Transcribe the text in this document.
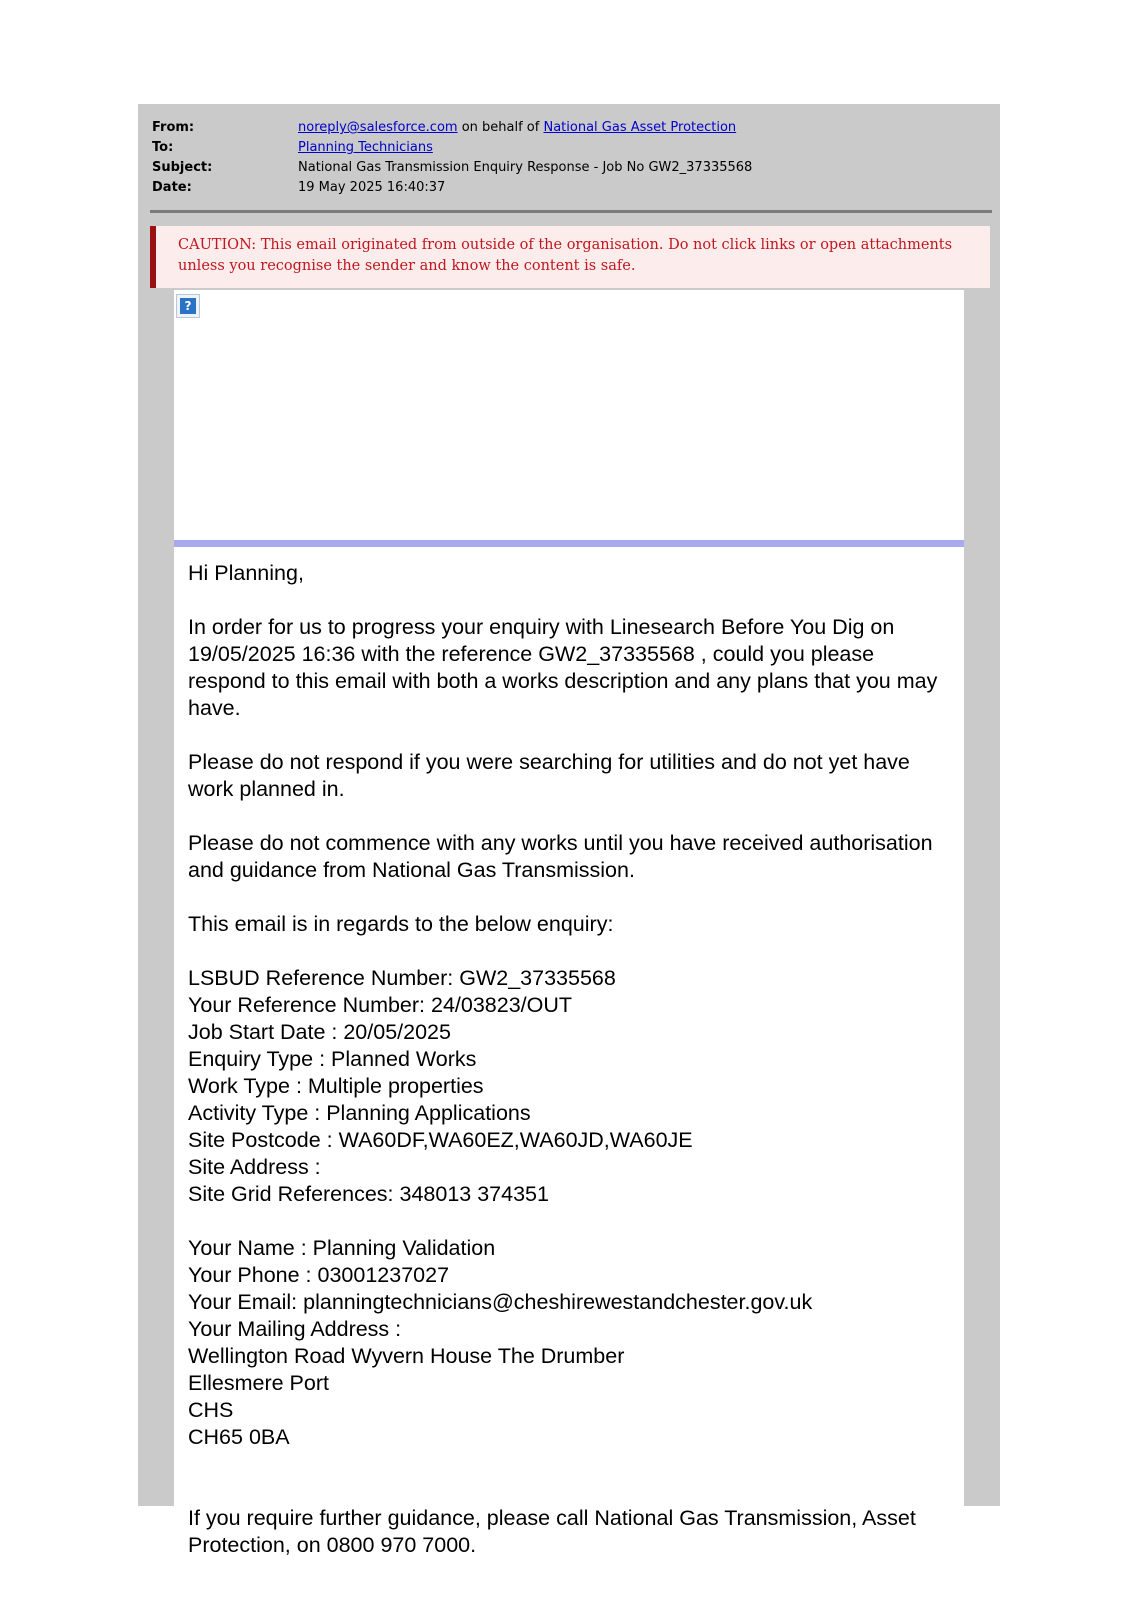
From:	noreply@salesforce.com on behalf of National Gas Asset Protection
To:	Planning Technicians
Subject:	National Gas Transmission Enquiry Response - Job No GW2_37335568
Date:	19 May 2025 16:40:37
CAUTION: This email originated from outside of the organisation. Do not click links or open attachments unless you recognise the sender and know the content is safe.
?

Hi Planning,

In order for us to progress your enquiry with Linesearch Before You Dig on 19/05/2025 16:36 with the reference GW2_37335568 , could you please respond to this email with both a works description and any plans that you may have.

Please do not respond if you were searching for utilities and do not yet have work planned in.

Please do not commence with any works until you have received authorisation and guidance from National Gas Transmission.

This email is in regards to the below enquiry:

LSBUD Reference Number: GW2_37335568
Your Reference Number: 24/03823/OUT
Job Start Date : 20/05/2025
Enquiry Type : Planned Works
Work Type : Multiple properties
Activity Type : Planning Applications
Site Postcode : WA60DF,WA60EZ,WA60JD,WA60JE
Site Address :
Site Grid References: 348013 374351
Your Name : Planning Validation
Your Phone : 03001237027
Your Email: planningtechnicians@cheshirewestandchester.gov.uk
Your Mailing Address :
Wellington Road Wyvern House The Drumber
Ellesmere Port
CHS
CH65 0BA

If you require further guidance, please call National Gas Transmission, Asset Protection, on 0800 970 7000.
